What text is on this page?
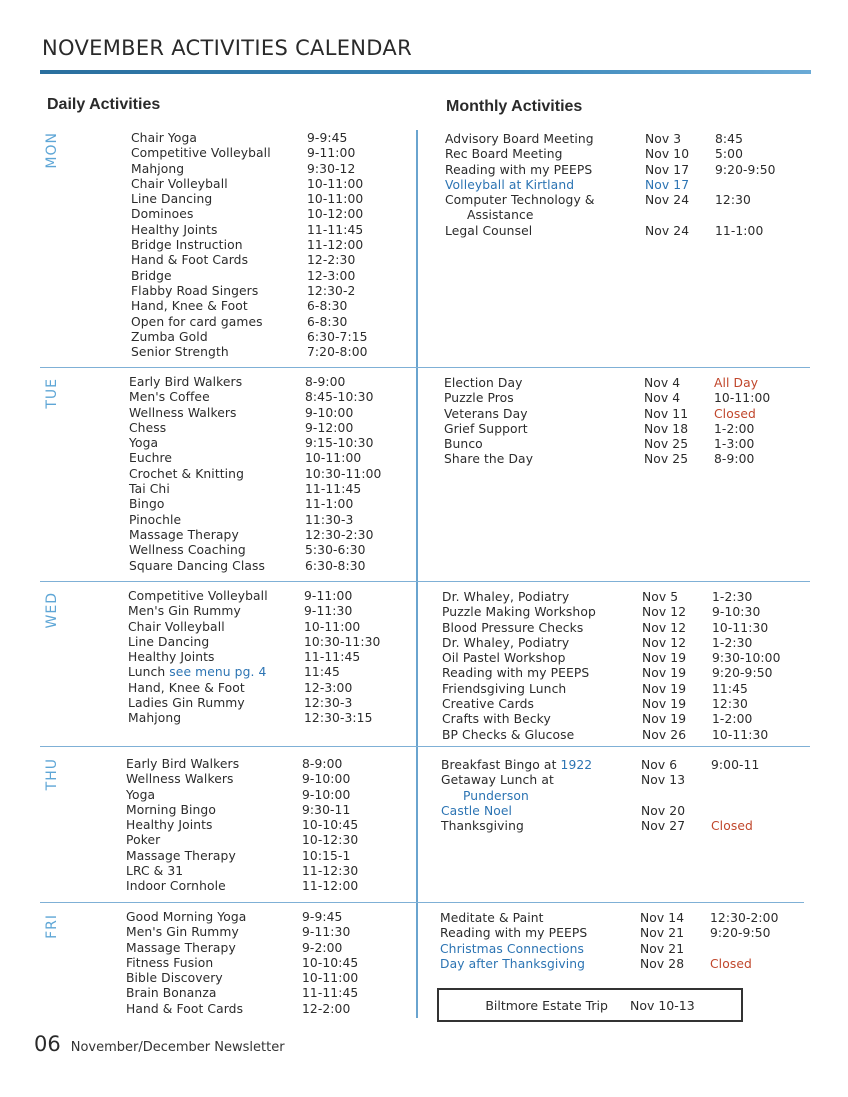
NOVEMBER ACTIVITIES CALENDAR
Daily Activities	Monthly Activities
MON	Chair Yoga	9-9:45
Competitive Volleyball	9-11:00
Mahjong	9:30-12
Chair Volleyball	10-11:00
Line Dancing	10-11:00
Dominoes	10-12:00
Healthy Joints	11-11:45
Bridge Instruction	11-12:00
Hand & Foot Cards	12-2:30
Bridge	12-3:00
Flabby Road Singers	12:30-2
Hand, Knee & Foot	6-8:30
Open for card games	6-8:30
Zumba Gold	6:30-7:15
Senior Strength	7:20-8:00
Advisory Board Meeting	Nov 3	8:45
Rec Board Meeting	Nov 10	5:00
Reading with my PEEPS	Nov 17	9:20-9:50
Volleyball at Kirtland	Nov 17
Computer Technology &	Nov 24	12:30
Assistance
Legal Counsel	Nov 24	11-1:00
TUE	Early Bird Walkers	8-9:00
Men's Coffee	8:45-10:30
Wellness Walkers	9-10:00
Chess	9-12:00
Yoga	9:15-10:30
Euchre	10-11:00
Crochet & Knitting	10:30-11:00
Tai Chi	11-11:45
Bingo	11-1:00
Pinochle	11:30-3
Massage Therapy	12:30-2:30
Wellness Coaching	5:30-6:30
Square Dancing Class	6:30-8:30
Election Day	Nov 4	All Day
Puzzle Pros	Nov 4	10-11:00
Veterans Day	Nov 11	Closed
Grief Support	Nov 18	1-2:00
Bunco	Nov 25	1-3:00
Share the Day	Nov 25	8-9:00
WED	Competitive Volleyball	9-11:00
Men's Gin Rummy	9-11:30
Chair Volleyball	10-11:00
Line Dancing	10:30-11:30
Healthy Joints	11-11:45
Lunch see menu pg. 4	11:45
Hand, Knee & Foot	12-3:00
Ladies Gin Rummy	12:30-3
Mahjong	12:30-3:15
Dr. Whaley, Podiatry	Nov 5	1-2:30
Puzzle Making Workshop	Nov 12	9-10:30
Blood Pressure Checks	Nov 12	10-11:30
Dr. Whaley, Podiatry	Nov 12	1-2:30
Oil Pastel Workshop	Nov 19	9:30-10:00
Reading with my PEEPS	Nov 19	9:20-9:50
Friendsgiving Lunch	Nov 19	11:45
Creative Cards	Nov 19	12:30
Crafts with Becky	Nov 19	1-2:00
BP Checks & Glucose	Nov 26	10-11:30
THU	Early Bird Walkers	8-9:00
Wellness Walkers	9-10:00
Yoga	9-10:00
Morning Bingo	9:30-11
Healthy Joints	10-10:45
Poker	10-12:30
Massage Therapy	10:15-1
LRC & 31	11-12:30
Indoor Cornhole	11-12:00
Breakfast Bingo at 1922	Nov 6	9:00-11
Getaway Lunch at	Nov 13
Punderson
Castle Noel	Nov 20
Thanksgiving	Nov 27	Closed
FRI	Good Morning Yoga	9-9:45
Men's Gin Rummy	9-11:30
Massage Therapy	9-2:00
Fitness Fusion	10-10:45
Bible Discovery	10-11:00
Brain Bonanza	11-11:45
Hand & Foot Cards	12-2:00
Meditate & Paint	Nov 14	12:30-2:00
Reading with my PEEPS	Nov 21	9:20-9:50
Christmas Connections	Nov 21
Day after Thanksgiving	Nov 28	Closed
Biltmore Estate Trip Nov 10-13
06 November/December Newsletter
